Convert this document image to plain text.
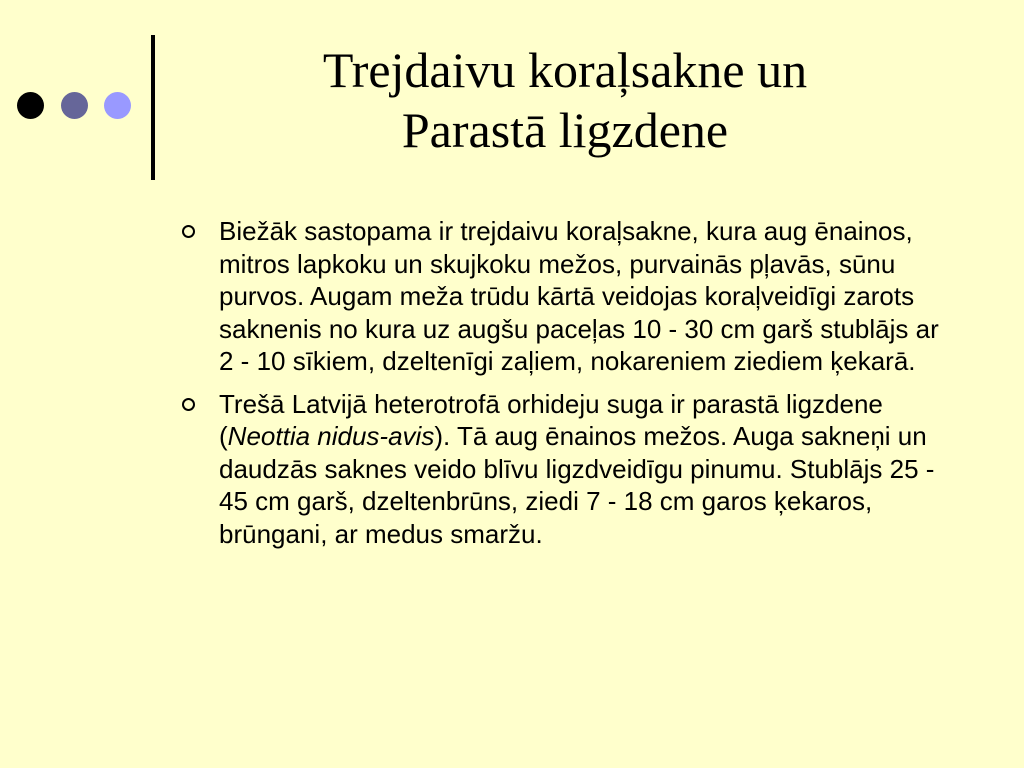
Trejdaivu koraļsakne un
Parastā ligzdene
Biežāk sastopama ir trejdaivu koraļsakne, kura aug ēnainos, mitros lapkoku un skujkoku mežos, purvainās pļavās, sūnu purvos. Augam meža trūdu kārtā veidojas koraļveidīgi zarots saknenis no kura uz augšu paceļas 10 - 30 cm garš stublājs ar 2 - 10 sīkiem, dzeltenīgi zaļiem, nokareniem ziediem ķekarā.
Trešā Latvijā heterotrofā orhideju suga ir parastā ligzdene (Neottia nidus-avis). Tā aug ēnainos mežos. Auga sakneņi un daudzās saknes veido blīvu ligzdveidīgu pinumu. Stublājs 25 - 45 cm garš, dzeltenbrūns, ziedi 7 - 18 cm garos ķekaros, brūngani, ar medus smaržu.
